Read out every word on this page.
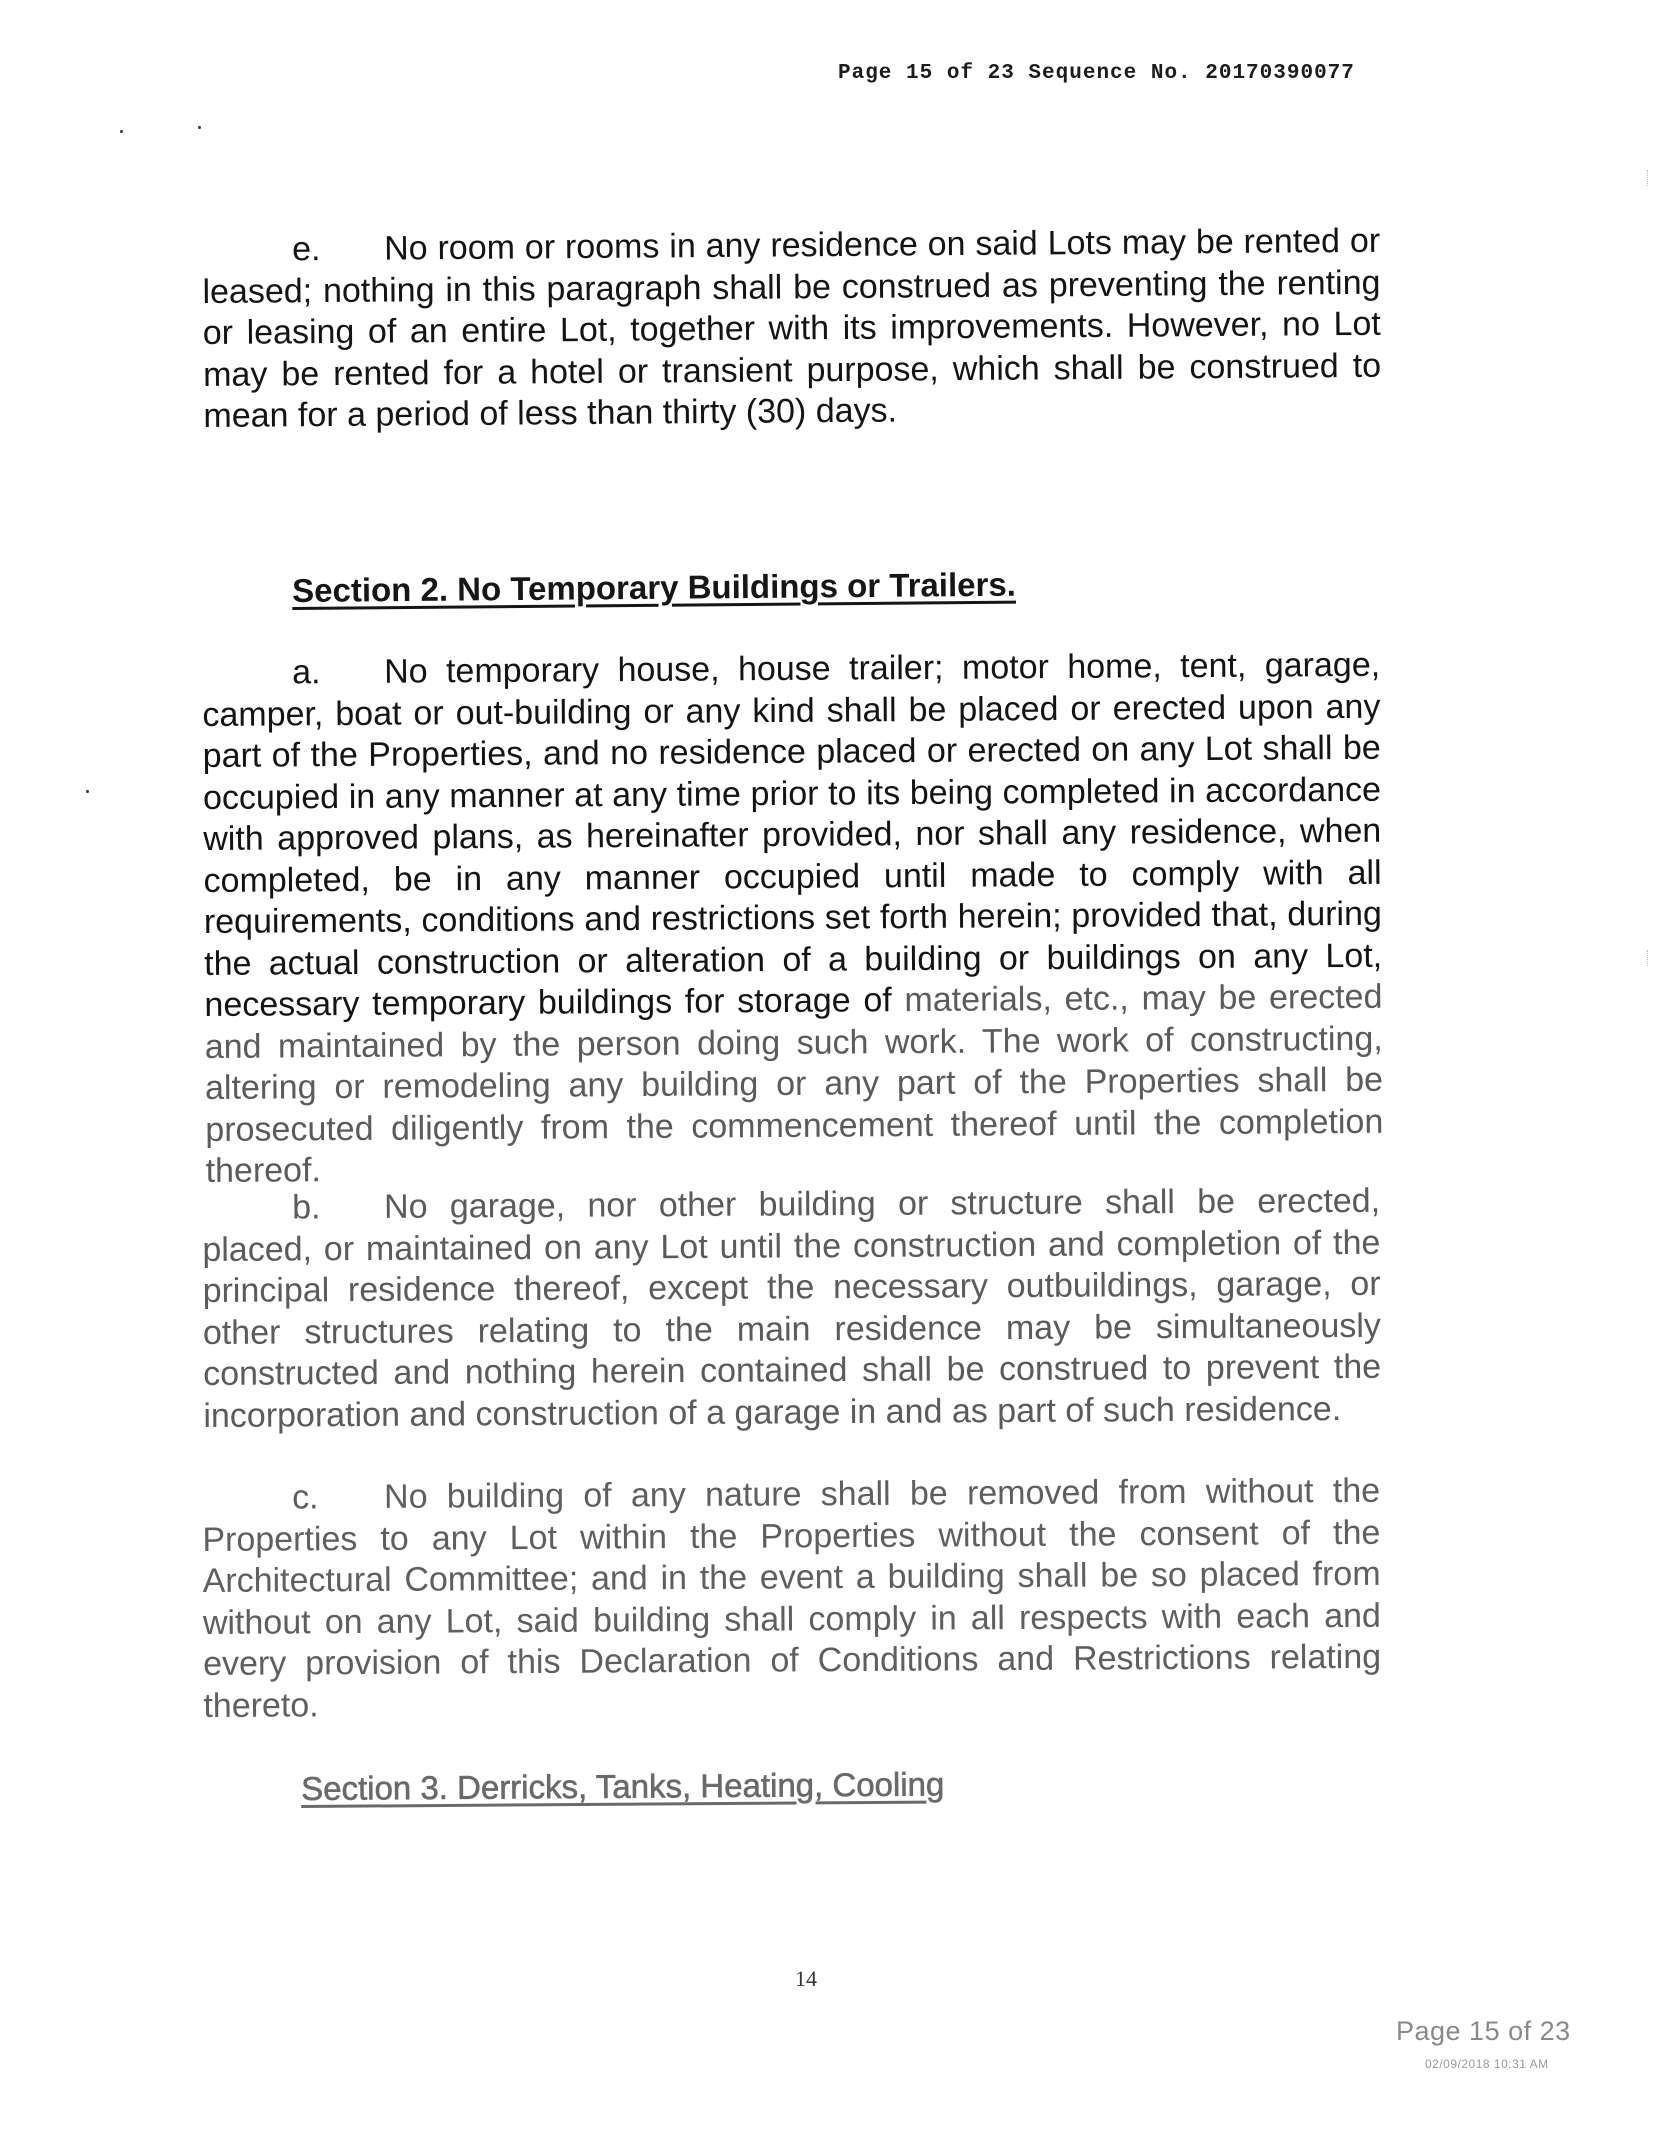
Page 15 of 23 Sequence No. 20170390077

e. No room or rooms in any residence on said Lots may be rented or leased; nothing in this paragraph shall be construed as preventing the renting or leasing of an entire Lot, together with its improvements. However, no Lot may be rented for a hotel or transient purpose, which shall be construed to mean for a period of less than thirty (30) days.

Section 2. No Temporary Buildings or Trailers.

a. No temporary house, house trailer; motor home, tent, garage, camper, boat or out-building or any kind shall be placed or erected upon any part of the Properties, and no residence placed or erected on any Lot shall be occupied in any manner at any time prior to its being completed in accordance with approved plans, as hereinafter provided, nor shall any residence, when completed, be in any manner occupied until made to comply with all requirements, conditions and restrictions set forth herein; provided that, during the actual construction or alteration of a building or buildings on any Lot, necessary temporary buildings for storage of materials, etc., may be erected and maintained by the person doing such work. The work of constructing, altering or remodeling any building or any part of the Properties shall be prosecuted diligently from the commencement thereof until the completion thereof.

b. No garage, nor other building or structure shall be erected, placed, or maintained on any Lot until the construction and completion of the principal residence thereof, except the necessary outbuildings, garage, or other structures relating to the main residence may be simultaneously constructed and nothing herein contained shall be construed to prevent the incorporation and construction of a garage in and as part of such residence.

c. No building of any nature shall be removed from without the Properties to any Lot within the Properties without the consent of the Architectural Committee; and in the event a building shall be so placed from without on any Lot, said building shall comply in all respects with each and every provision of this Declaration of Conditions and Restrictions relating thereto.

Section 3. Derricks, Tanks, Heating, Cooling
14
Page 15 of 23
02/09/2018 10:31 AM
